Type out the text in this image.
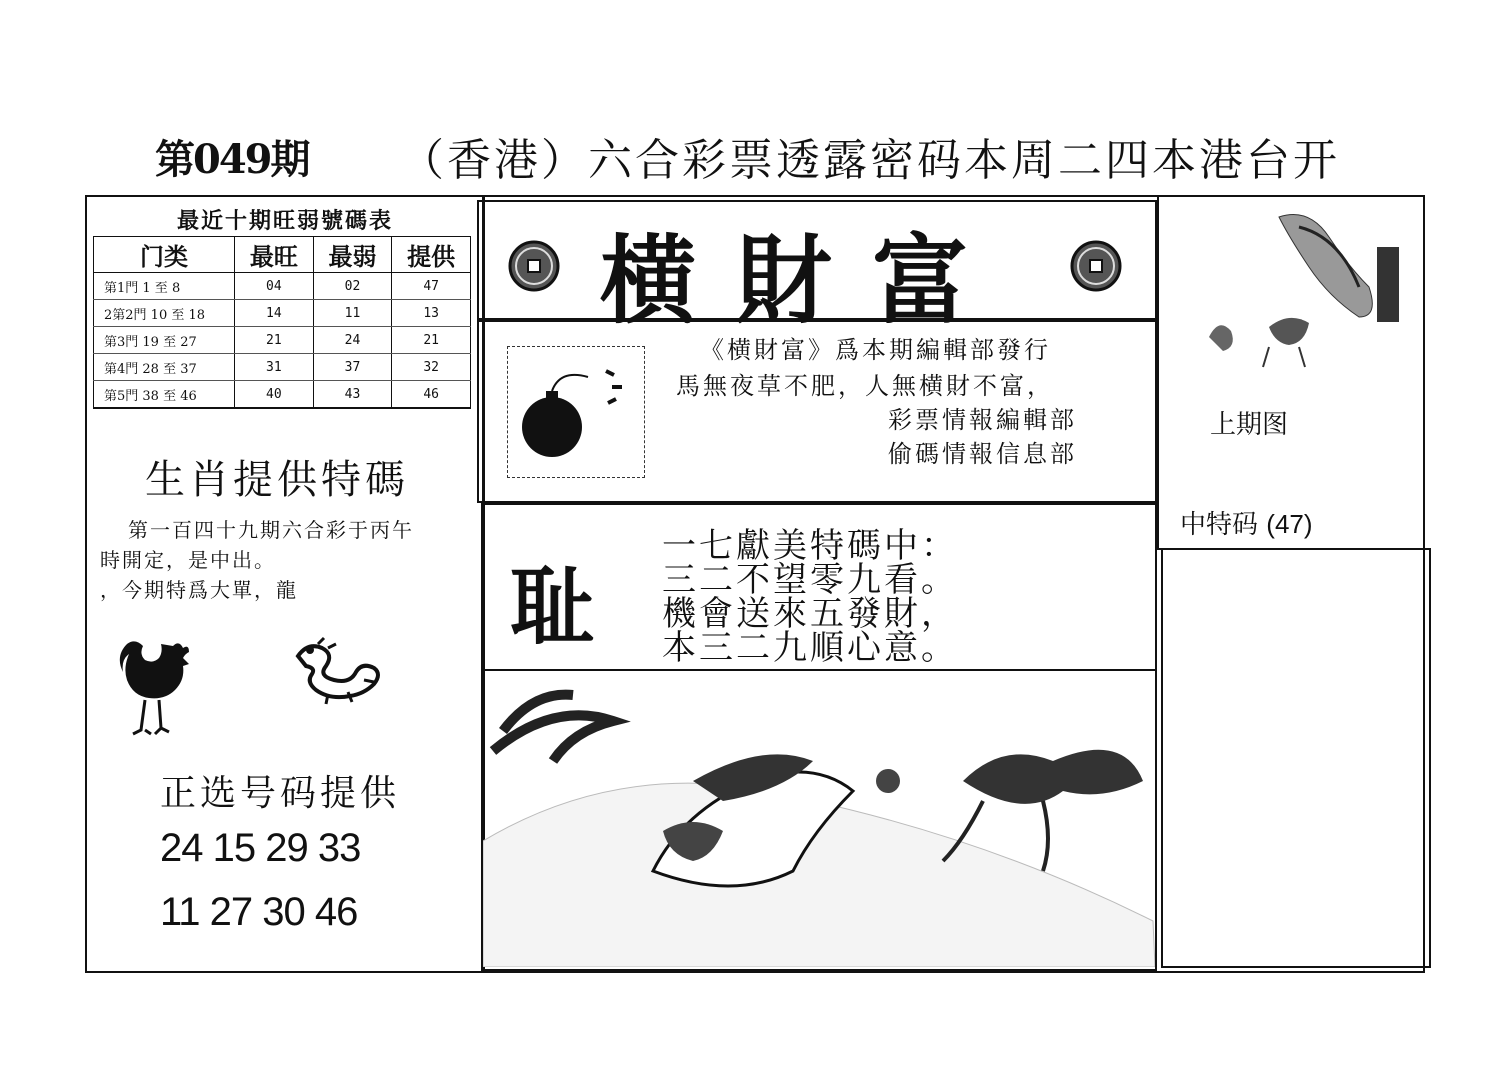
第049期 （香港）六合彩票透露密码本周二四本港台开
最近十期旺弱號碼表
门类	最旺	最弱	提供
第1門 1 至 8	04	02	47
2第2門 10 至 18	14	11	13
第3門 19 至 27	21	24	21
第4門 28 至 37	31	37	32
第5門 38 至 46	40	43	46
生肖提供特碼
第一百四十九期六合彩于丙午
時開定，是中出。
，今期特爲大單，龍
正选号码提供
24 15 29 33
11 27 30 46
横財富
《横財富》爲本期編輯部發行
馬無夜草不肥，人無横財不富，
彩票情報編輯部
偷碼情報信息部
耻
一七獻美特碼中：
三二不望零九看。
機會送來五發財，
本三二九順心意。
上期图
中特码 (47)
